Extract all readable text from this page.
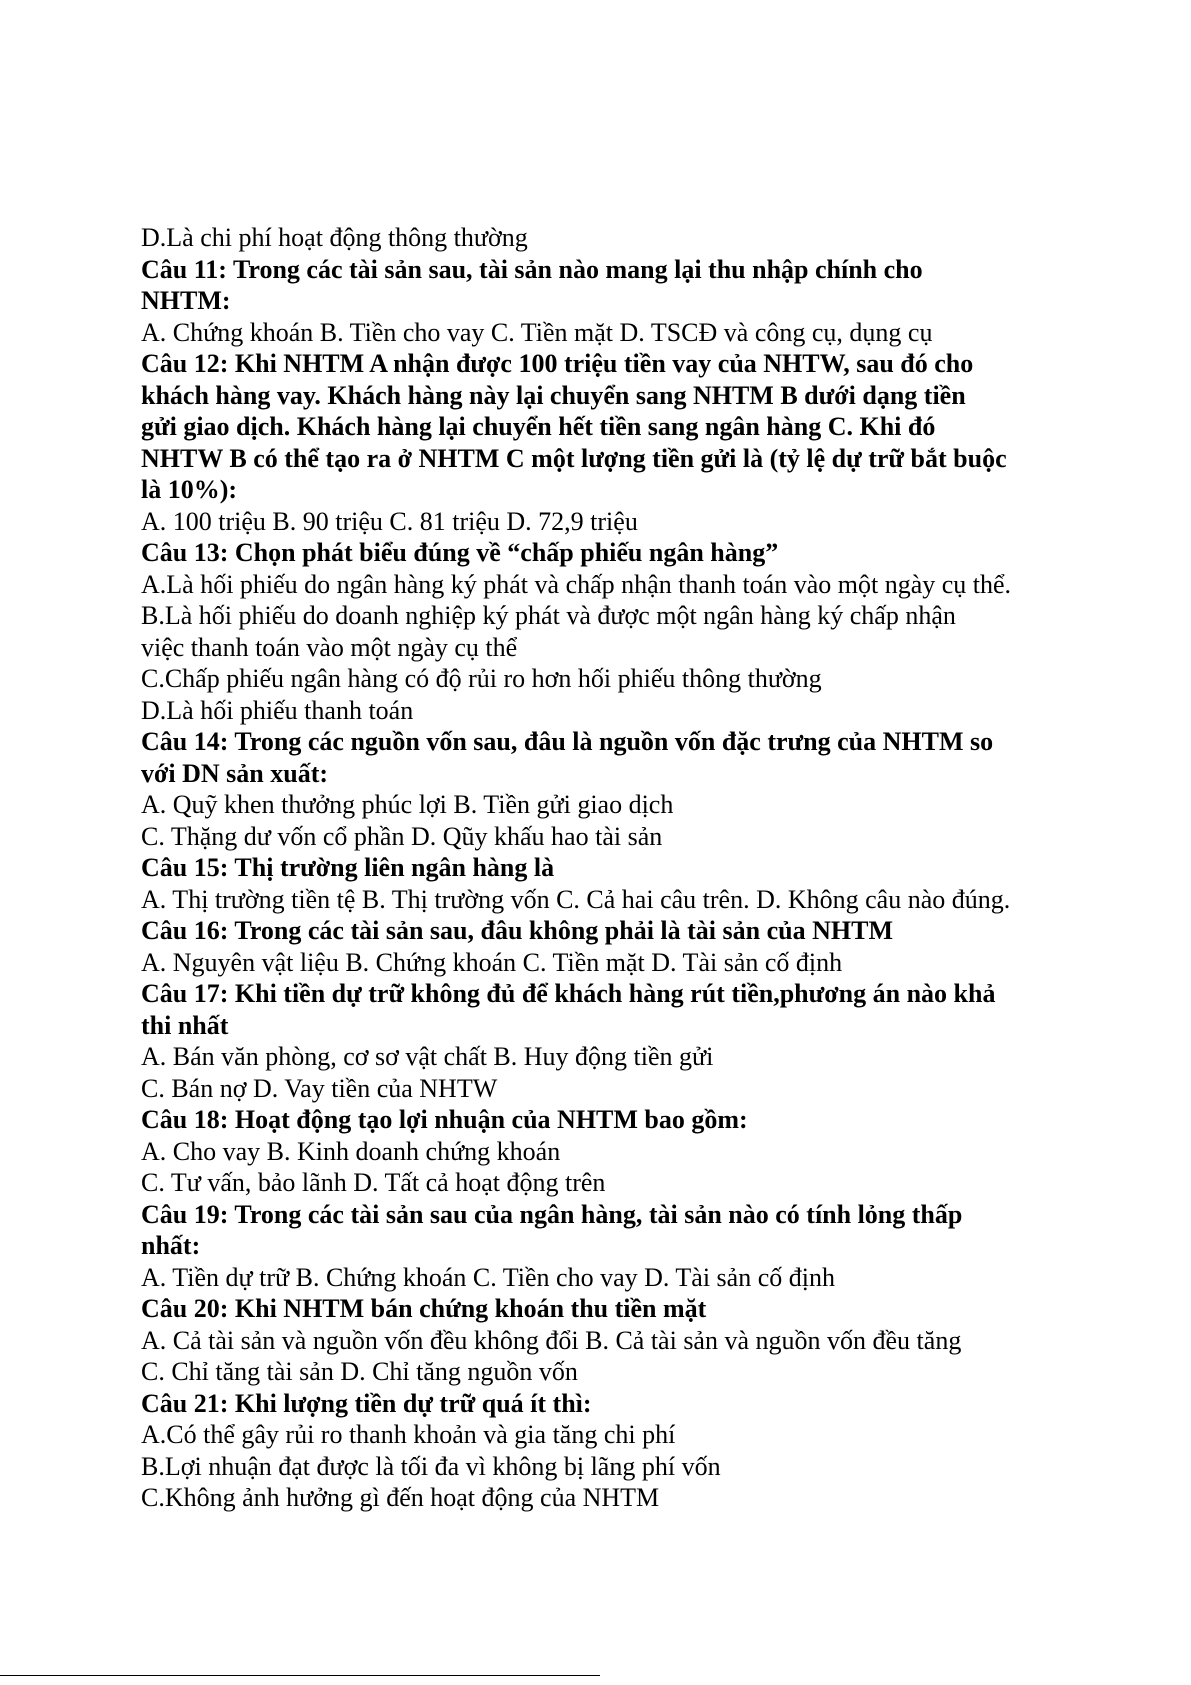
D.Là chi phí hoạt động thông thường
Câu 11: Trong các tài sản sau, tài sản nào mang lại thu nhập chính cho
NHTM:
A. Chứng khoán B. Tiền cho vay C. Tiền mặt D. TSCĐ và công cụ, dụng cụ
Câu 12: Khi NHTM A nhận được 100 triệu tiền vay của NHTW, sau đó cho
khách hàng vay. Khách hàng này lại chuyển sang NHTM B dưới dạng tiền
gửi giao dịch. Khách hàng lại chuyển hết tiền sang ngân hàng C. Khi đó
NHTW B có thể tạo ra ở NHTM C một lượng tiền gửi là (tỷ lệ dự trữ bắt buộc
là 10%):
A. 100 triệu B. 90 triệu C. 81 triệu D. 72,9 triệu
Câu 13: Chọn phát biểu đúng về “chấp phiếu ngân hàng”
A.Là hối phiếu do ngân hàng ký phát và chấp nhận thanh toán vào một ngày cụ thể.
B.Là hối phiếu do doanh nghiệp ký phát và được một ngân hàng ký chấp nhận
việc thanh toán vào một ngày cụ thể
C.Chấp phiếu ngân hàng có độ rủi ro hơn hối phiếu thông thường
D.Là hối phiếu thanh toán
Câu 14: Trong các nguồn vốn sau, đâu là nguồn vốn đặc trưng của NHTM so
với DN sản xuất:
A. Quỹ khen thưởng phúc lợi B. Tiền gửi giao dịch
C. Thặng dư vốn cổ phần D. Qũy khấu hao tài sản
Câu 15: Thị trường liên ngân hàng là
A. Thị trường tiền tệ B. Thị trường vốn C. Cả hai câu trên. D. Không câu nào đúng.
Câu 16: Trong các tài sản sau, đâu không phải là tài sản của NHTM
A. Nguyên vật liệu B. Chứng khoán C. Tiền mặt D. Tài sản cố định
Câu 17: Khi tiền dự trữ không đủ để khách hàng rút tiền,phương án nào khả
thi nhất
A. Bán văn phòng, cơ sơ vật chất B. Huy động tiền gửi
C. Bán nợ D. Vay tiền của NHTW
Câu 18: Hoạt động tạo lợi nhuận của NHTM bao gồm:
A. Cho vay B. Kinh doanh chứng khoán
C. Tư vấn, bảo lãnh D. Tất cả hoạt động trên
Câu 19: Trong các tài sản sau của ngân hàng, tài sản nào có tính lỏng thấp
nhất:
A. Tiền dự trữ B. Chứng khoán C. Tiền cho vay D. Tài sản cố định
Câu 20: Khi NHTM bán chứng khoán thu tiền mặt
A. Cả tài sản và nguồn vốn đều không đổi B. Cả tài sản và nguồn vốn đều tăng
C. Chỉ tăng tài sản D. Chỉ tăng nguồn vốn
Câu 21: Khi lượng tiền dự trữ quá ít thì:
A.Có thể gây rủi ro thanh khoản và gia tăng chi phí
B.Lợi nhuận đạt được là tối đa vì không bị lãng phí vốn
C.Không ảnh hưởng gì đến hoạt động của NHTM
